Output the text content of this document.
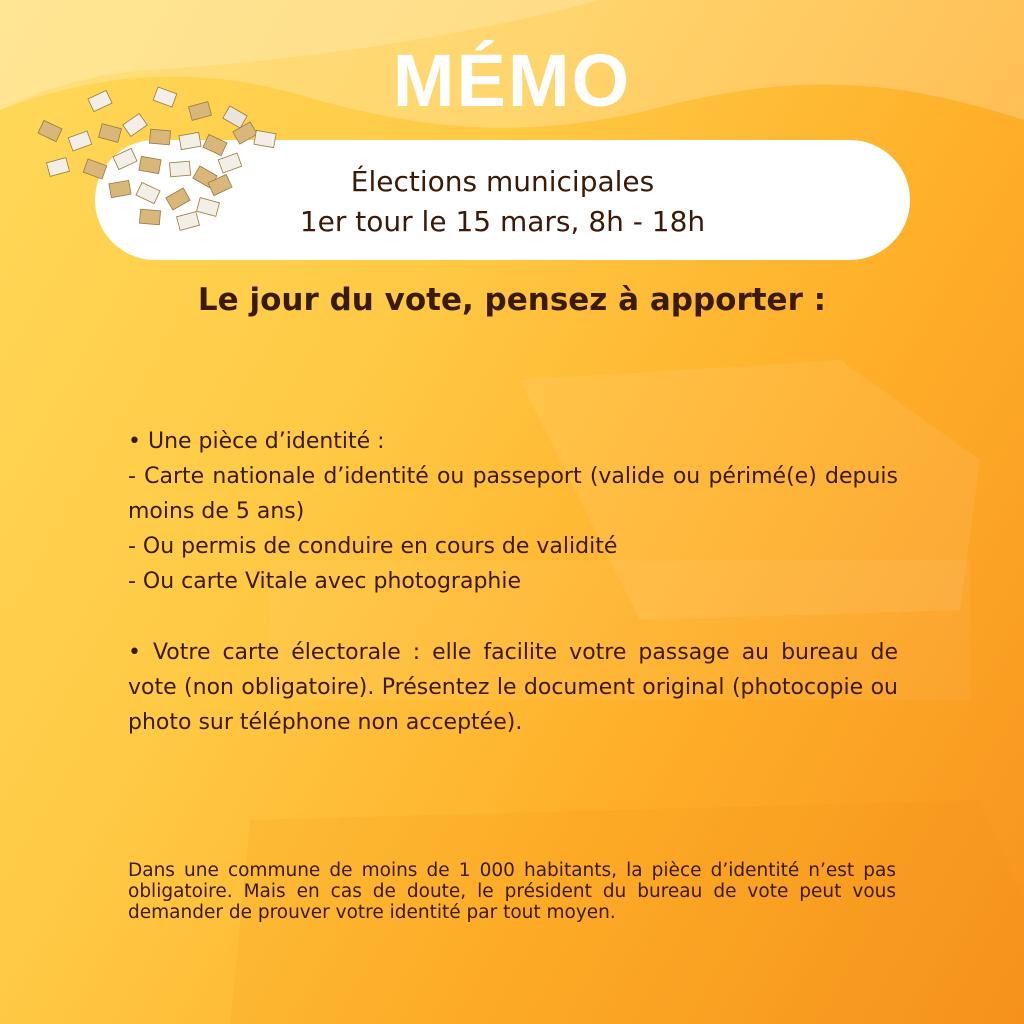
MÉMO
Élections municipales
1er tour le 15 mars, 8h - 18h
Le jour du vote, pensez à apporter :

• Une pièce d’identité :

- Carte nationale d’identité ou passeport (valide ou périmé(e) depuis moins de 5 ans)

- Ou permis de conduire en cours de validité

- Ou carte Vitale avec photographie

• Votre carte électorale : elle facilite votre passage au bureau de vote (non obligatoire). Présentez le document original (photocopie ou photo sur téléphone non acceptée).

Dans une commune de moins de 1 000 habitants, la pièce d’identité n’est pas obligatoire. Mais en cas de doute, le président du bureau de vote peut vous demander de prouver votre identité par tout moyen.
